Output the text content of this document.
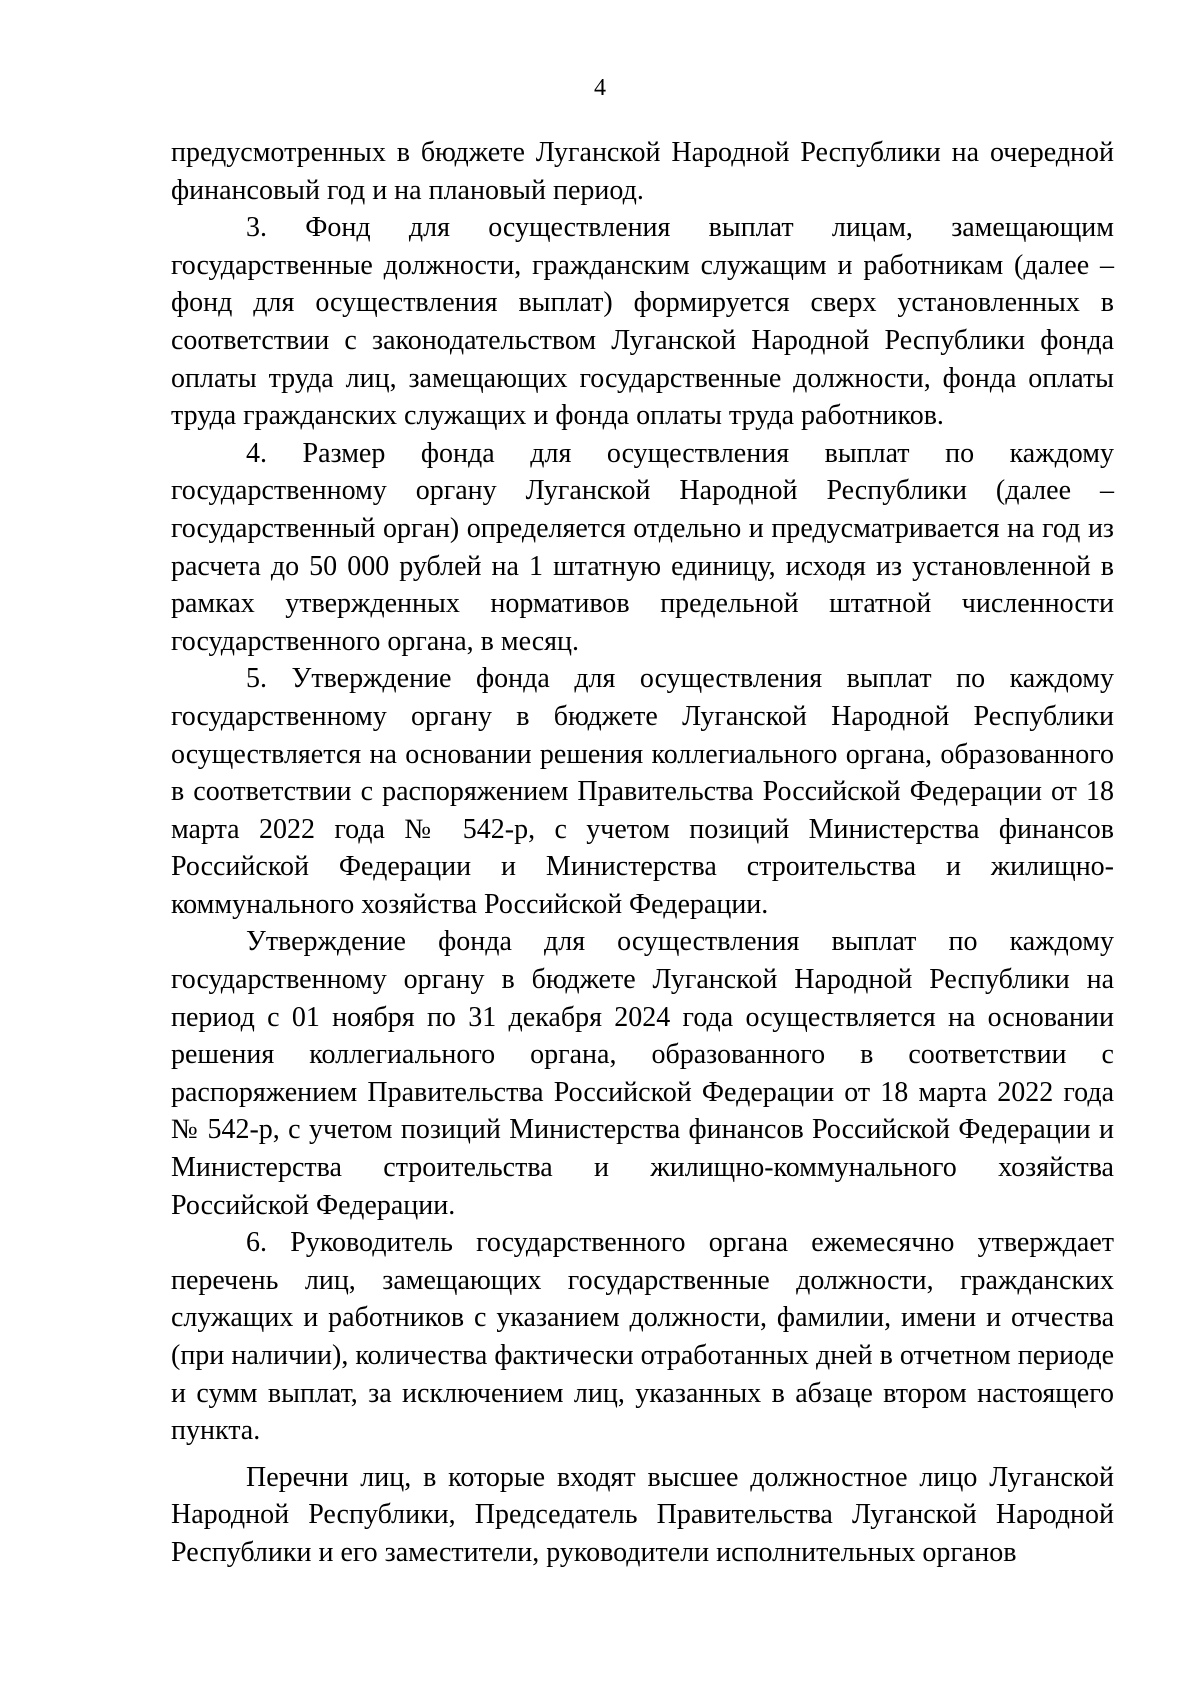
4

предусмотренных в бюджете Луганской Народной Республики на очередной финансовый год и на плановый период.

3. Фонд для осуществления выплат лицам, замещающим государственные должности, гражданским служащим и работникам (далее – фонд для осуществления выплат) формируется сверх установленных в соответствии с законодательством Луганской Народной Республики фонда оплаты труда лиц, замещающих государственные должности, фонда оплаты труда гражданских служащих и фонда оплаты труда работников.

4. Размер фонда для осуществления выплат по каждому государственному органу Луганской Народной Республики (далее – государственный орган) определяется отдельно и предусматривается на год из расчета до 50 000 рублей на 1 штатную единицу, исходя из установленной в рамках утвержденных нормативов предельной штатной численности государственного органа, в месяц.

5. Утверждение фонда для осуществления выплат по каждому государственному органу в бюджете Луганской Народной Республики осуществляется на основании решения коллегиального органа, образованного в соответствии с распоряжением Правительства Российской Федерации от 18 марта 2022 года № 542-р, с учетом позиций Министерства финансов Российской Федерации и Министерства строительства и жилищно-коммунального хозяйства Российской Федерации.

Утверждение фонда для осуществления выплат по каждому государственному органу в бюджете Луганской Народной Республики на период с 01 ноября по 31 декабря 2024 года осуществляется на основании решения коллегиального органа, образованного в соответствии с распоряжением Правительства Российской Федерации от 18 марта 2022 года № 542-р, с учетом позиций Министерства финансов Российской Федерации и Министерства строительства и жилищно-коммунального хозяйства Российской Федерации.

6. Руководитель государственного органа ежемесячно утверждает перечень лиц, замещающих государственные должности, гражданских служащих и работников с указанием должности, фамилии, имени и отчества (при наличии), количества фактически отработанных дней в отчетном периоде и сумм выплат, за исключением лиц, указанных в абзаце втором настоящего пункта.

Перечни лиц, в которые входят высшее должностное лицо Луганской Народной Республики, Председатель Правительства Луганской Народной Республики и его заместители, руководители исполнительных органов
